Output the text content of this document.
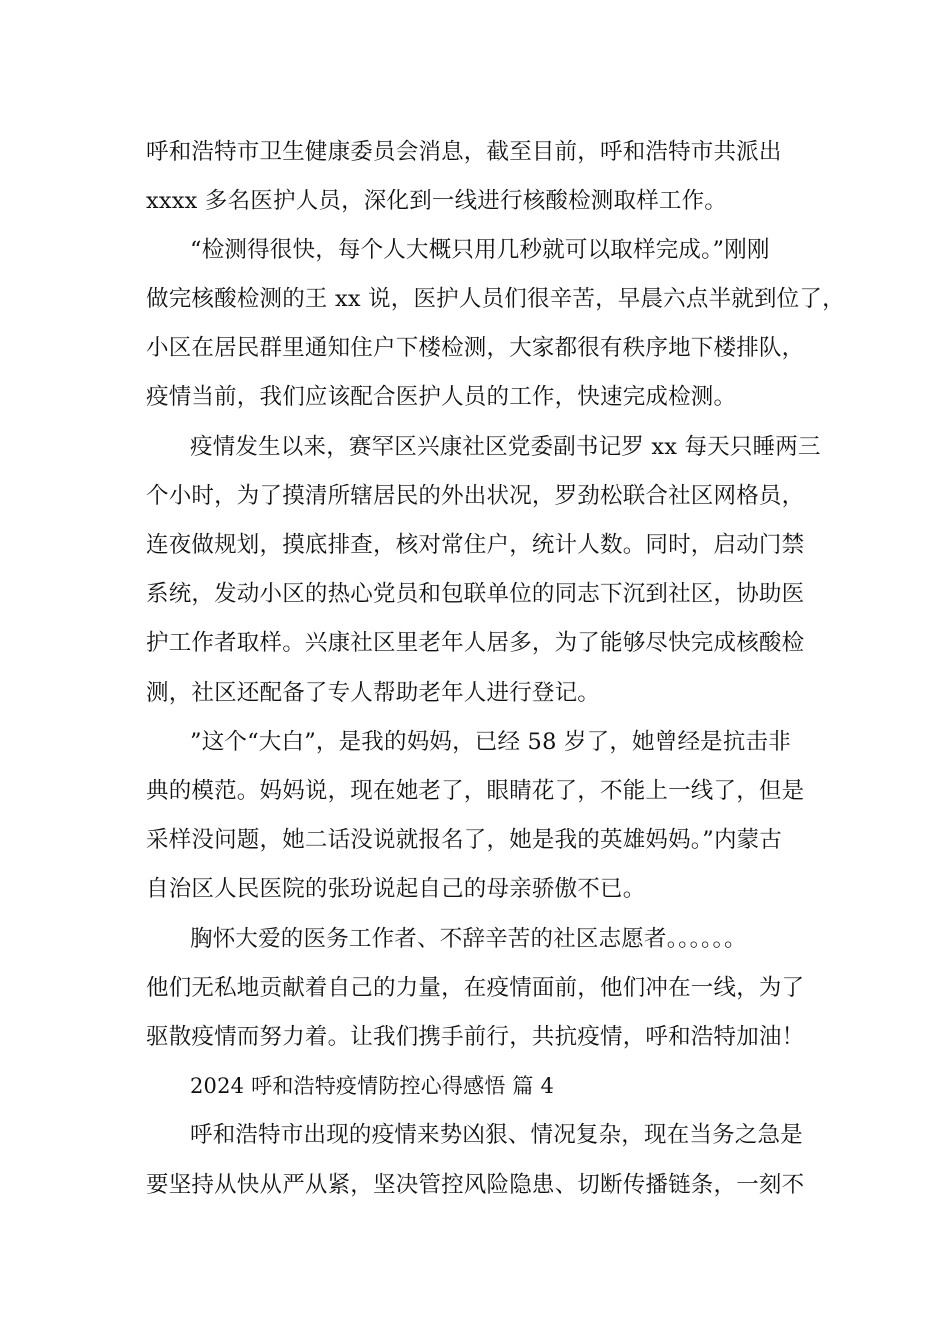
呼和浩特市卫生健康委员会消息，截至目前，呼和浩特市共派出
xxxx 多名医护人员，深化到一线进行核酸检测取样工作。
“检测得很快，每个人大概只用几秒就可以取样完成。”刚刚
做完核酸检测的王 xx 说，医护人员们很辛苦，早晨六点半就到位了，
小区在居民群里通知住户下楼检测，大家都很有秩序地下楼排队，
疫情当前，我们应该配合医护人员的工作，快速完成检测。
疫情发生以来，赛罕区兴康社区党委副书记罗 xx 每天只睡两三
个小时，为了摸清所辖居民的外出状况，罗劲松联合社区网格员，
连夜做规划，摸底排查，核对常住户，统计人数。同时，启动门禁
系统，发动小区的热心党员和包联单位的同志下沉到社区，协助医
护工作者取样。兴康社区里老年人居多，为了能够尽快完成核酸检
测，社区还配备了专人帮助老年人进行登记。
”这个“大白”，是我的妈妈，已经 58 岁了，她曾经是抗击非
典的模范。妈妈说，现在她老了，眼睛花了，不能上一线了，但是
采样没问题，她二话没说就报名了，她是我的英雄妈妈。”内蒙古
自治区人民医院的张玢说起自己的母亲骄傲不已。
胸怀大爱的医务工作者、不辞辛苦的社区志愿者。。。。。。
他们无私地贡献着自己的力量，在疫情面前，他们冲在一线，为了
驱散疫情而努力着。让我们携手前行，共抗疫情，呼和浩特加油！
2024 呼和浩特疫情防控心得感悟 篇 4
呼和浩特市出现的疫情来势凶狠、情况复杂，现在当务之急是
要坚持从快从严从紧，坚决管控风险隐患、切断传播链条，一刻不
